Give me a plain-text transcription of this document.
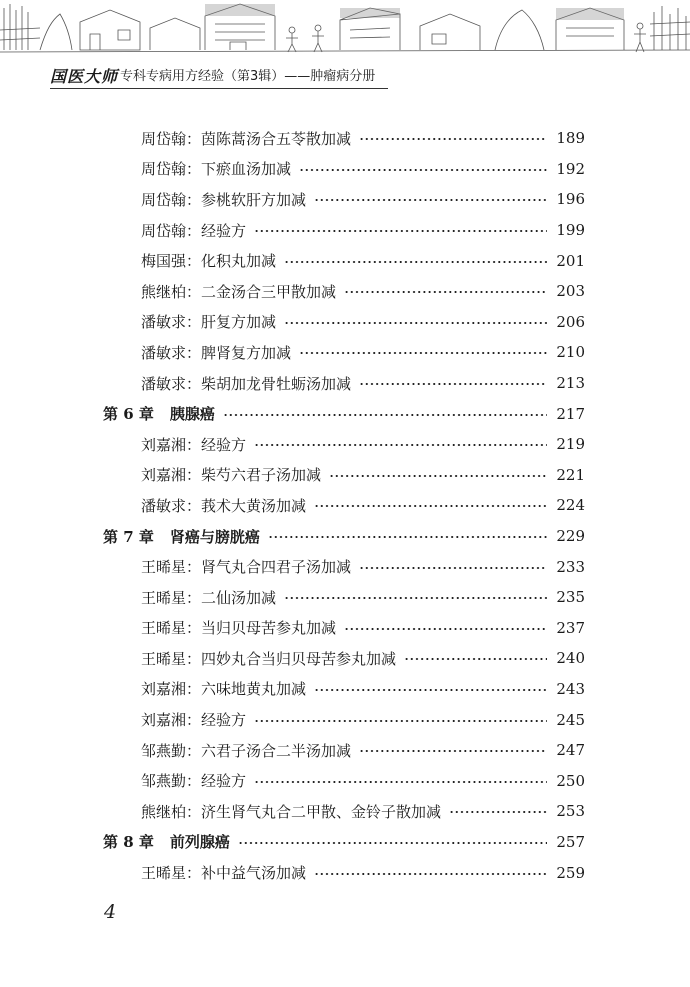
国医大师 专科专病用方经验（第3辑）——肿瘤病分册
周岱翰： 茵陈蒿汤合五苓散加减	189
周岱翰： 下瘀血汤加减	192
周岱翰： 参桃软肝方加减	196
周岱翰： 经验方	199
梅国强： 化积丸加减	201
熊继柏： 二金汤合三甲散加减	203
潘敏求： 肝复方加减	206
潘敏求： 脾肾复方加减	210
潘敏求： 柴胡加龙骨牡蛎汤加减	213
第 6 章 胰腺癌	217
刘嘉湘： 经验方	219
刘嘉湘： 柴芍六君子汤加减	221
潘敏求： 莪术大黄汤加减	224
第 7 章 肾癌与膀胱癌	229
王晞星： 肾气丸合四君子汤加减	233
王晞星： 二仙汤加减	235
王晞星： 当归贝母苦参丸加减	237
王晞星： 四妙丸合当归贝母苦参丸加减	240
刘嘉湘： 六味地黄丸加减	243
刘嘉湘： 经验方	245
邹燕勤： 六君子汤合二半汤加减	247
邹燕勤： 经验方	250
熊继柏： 济生肾气丸合二甲散、金铃子散加减	253
第 8 章 前列腺癌	257
王晞星： 补中益气汤加减	259
4
